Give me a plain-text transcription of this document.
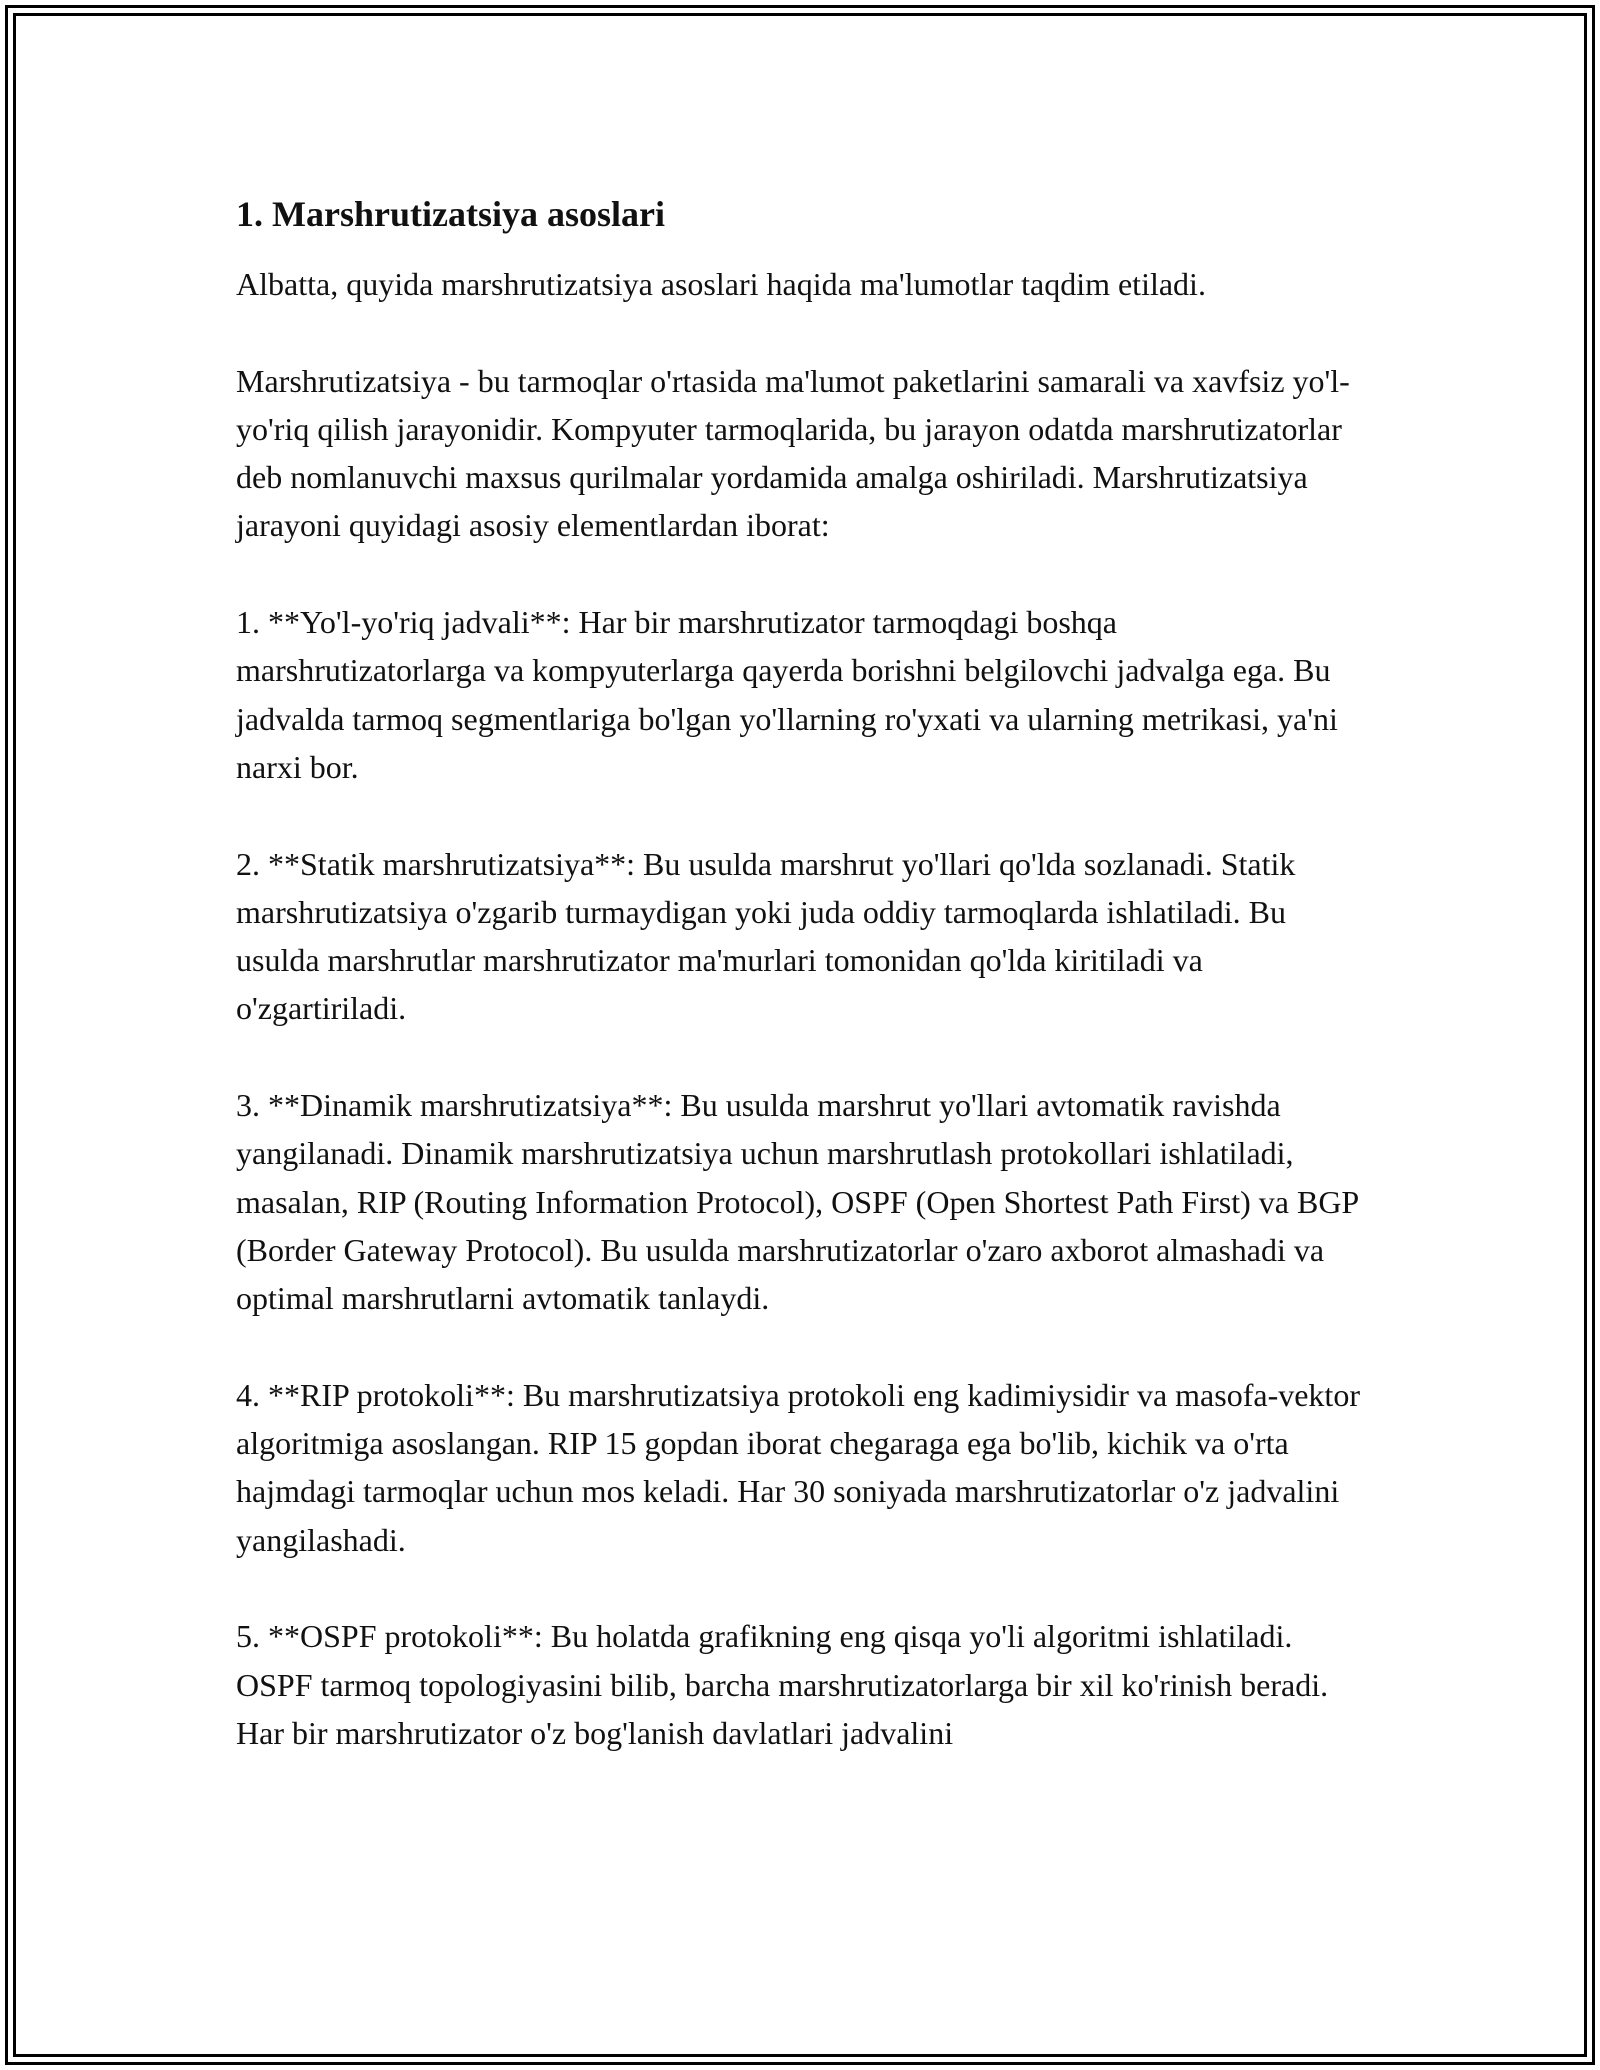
1. Marshrutizatsiya asoslari

Albatta, quyida marshrutizatsiya asoslari haqida ma'lumotlar taqdim etiladi.

Marshrutizatsiya - bu tarmoqlar o'rtasida ma'lumot paketlarini samarali va xavfsiz yo'l-yo'riq qilish jarayonidir. Kompyuter tarmoqlarida, bu jarayon odatda marshrutizatorlar deb nomlanuvchi maxsus qurilmalar yordamida amalga oshiriladi. Marshrutizatsiya jarayoni quyidagi asosiy elementlardan iborat:

1. **Yo'l-yo'riq jadvali**: Har bir marshrutizator tarmoqdagi boshqa marshrutizatorlarga va kompyuterlarga qayerda borishni belgilovchi jadvalga ega. Bu jadvalda tarmoq segmentlariga bo'lgan yo'llarning ro'yxati va ularning metrikasi, ya'ni narxi bor.

2. **Statik marshrutizatsiya**: Bu usulda marshrut yo'llari qo'lda sozlanadi. Statik marshrutizatsiya o'zgarib turmaydigan yoki juda oddiy tarmoqlarda ishlatiladi. Bu usulda marshrutlar marshrutizator ma'murlari tomonidan qo'lda kiritiladi va o'zgartiriladi.

3. **Dinamik marshrutizatsiya**: Bu usulda marshrut yo'llari avtomatik ravishda yangilanadi. Dinamik marshrutizatsiya uchun marshrutlash protokollari ishlatiladi, masalan, RIP (Routing Information Protocol), OSPF (Open Shortest Path First) va BGP (Border Gateway Protocol). Bu usulda marshrutizatorlar o'zaro axborot almashadi va optimal marshrutlarni avtomatik tanlaydi.

4. **RIP protokoli**: Bu marshrutizatsiya protokoli eng kadimiysidir va masofa-vektor algoritmiga asoslangan. RIP 15 gopdan iborat chegaraga ega bo'lib, kichik va o'rta hajmdagi tarmoqlar uchun mos keladi. Har 30 soniyada marshrutizatorlar o'z jadvalini yangilashadi.

5. **OSPF protokoli**: Bu holatda grafikning eng qisqa yo'li algoritmi ishlatiladi. OSPF tarmoq topologiyasini bilib, barcha marshrutizatorlarga bir xil ko'rinish beradi. Har bir marshrutizator o'z bog'lanish davlatlari jadvalini
